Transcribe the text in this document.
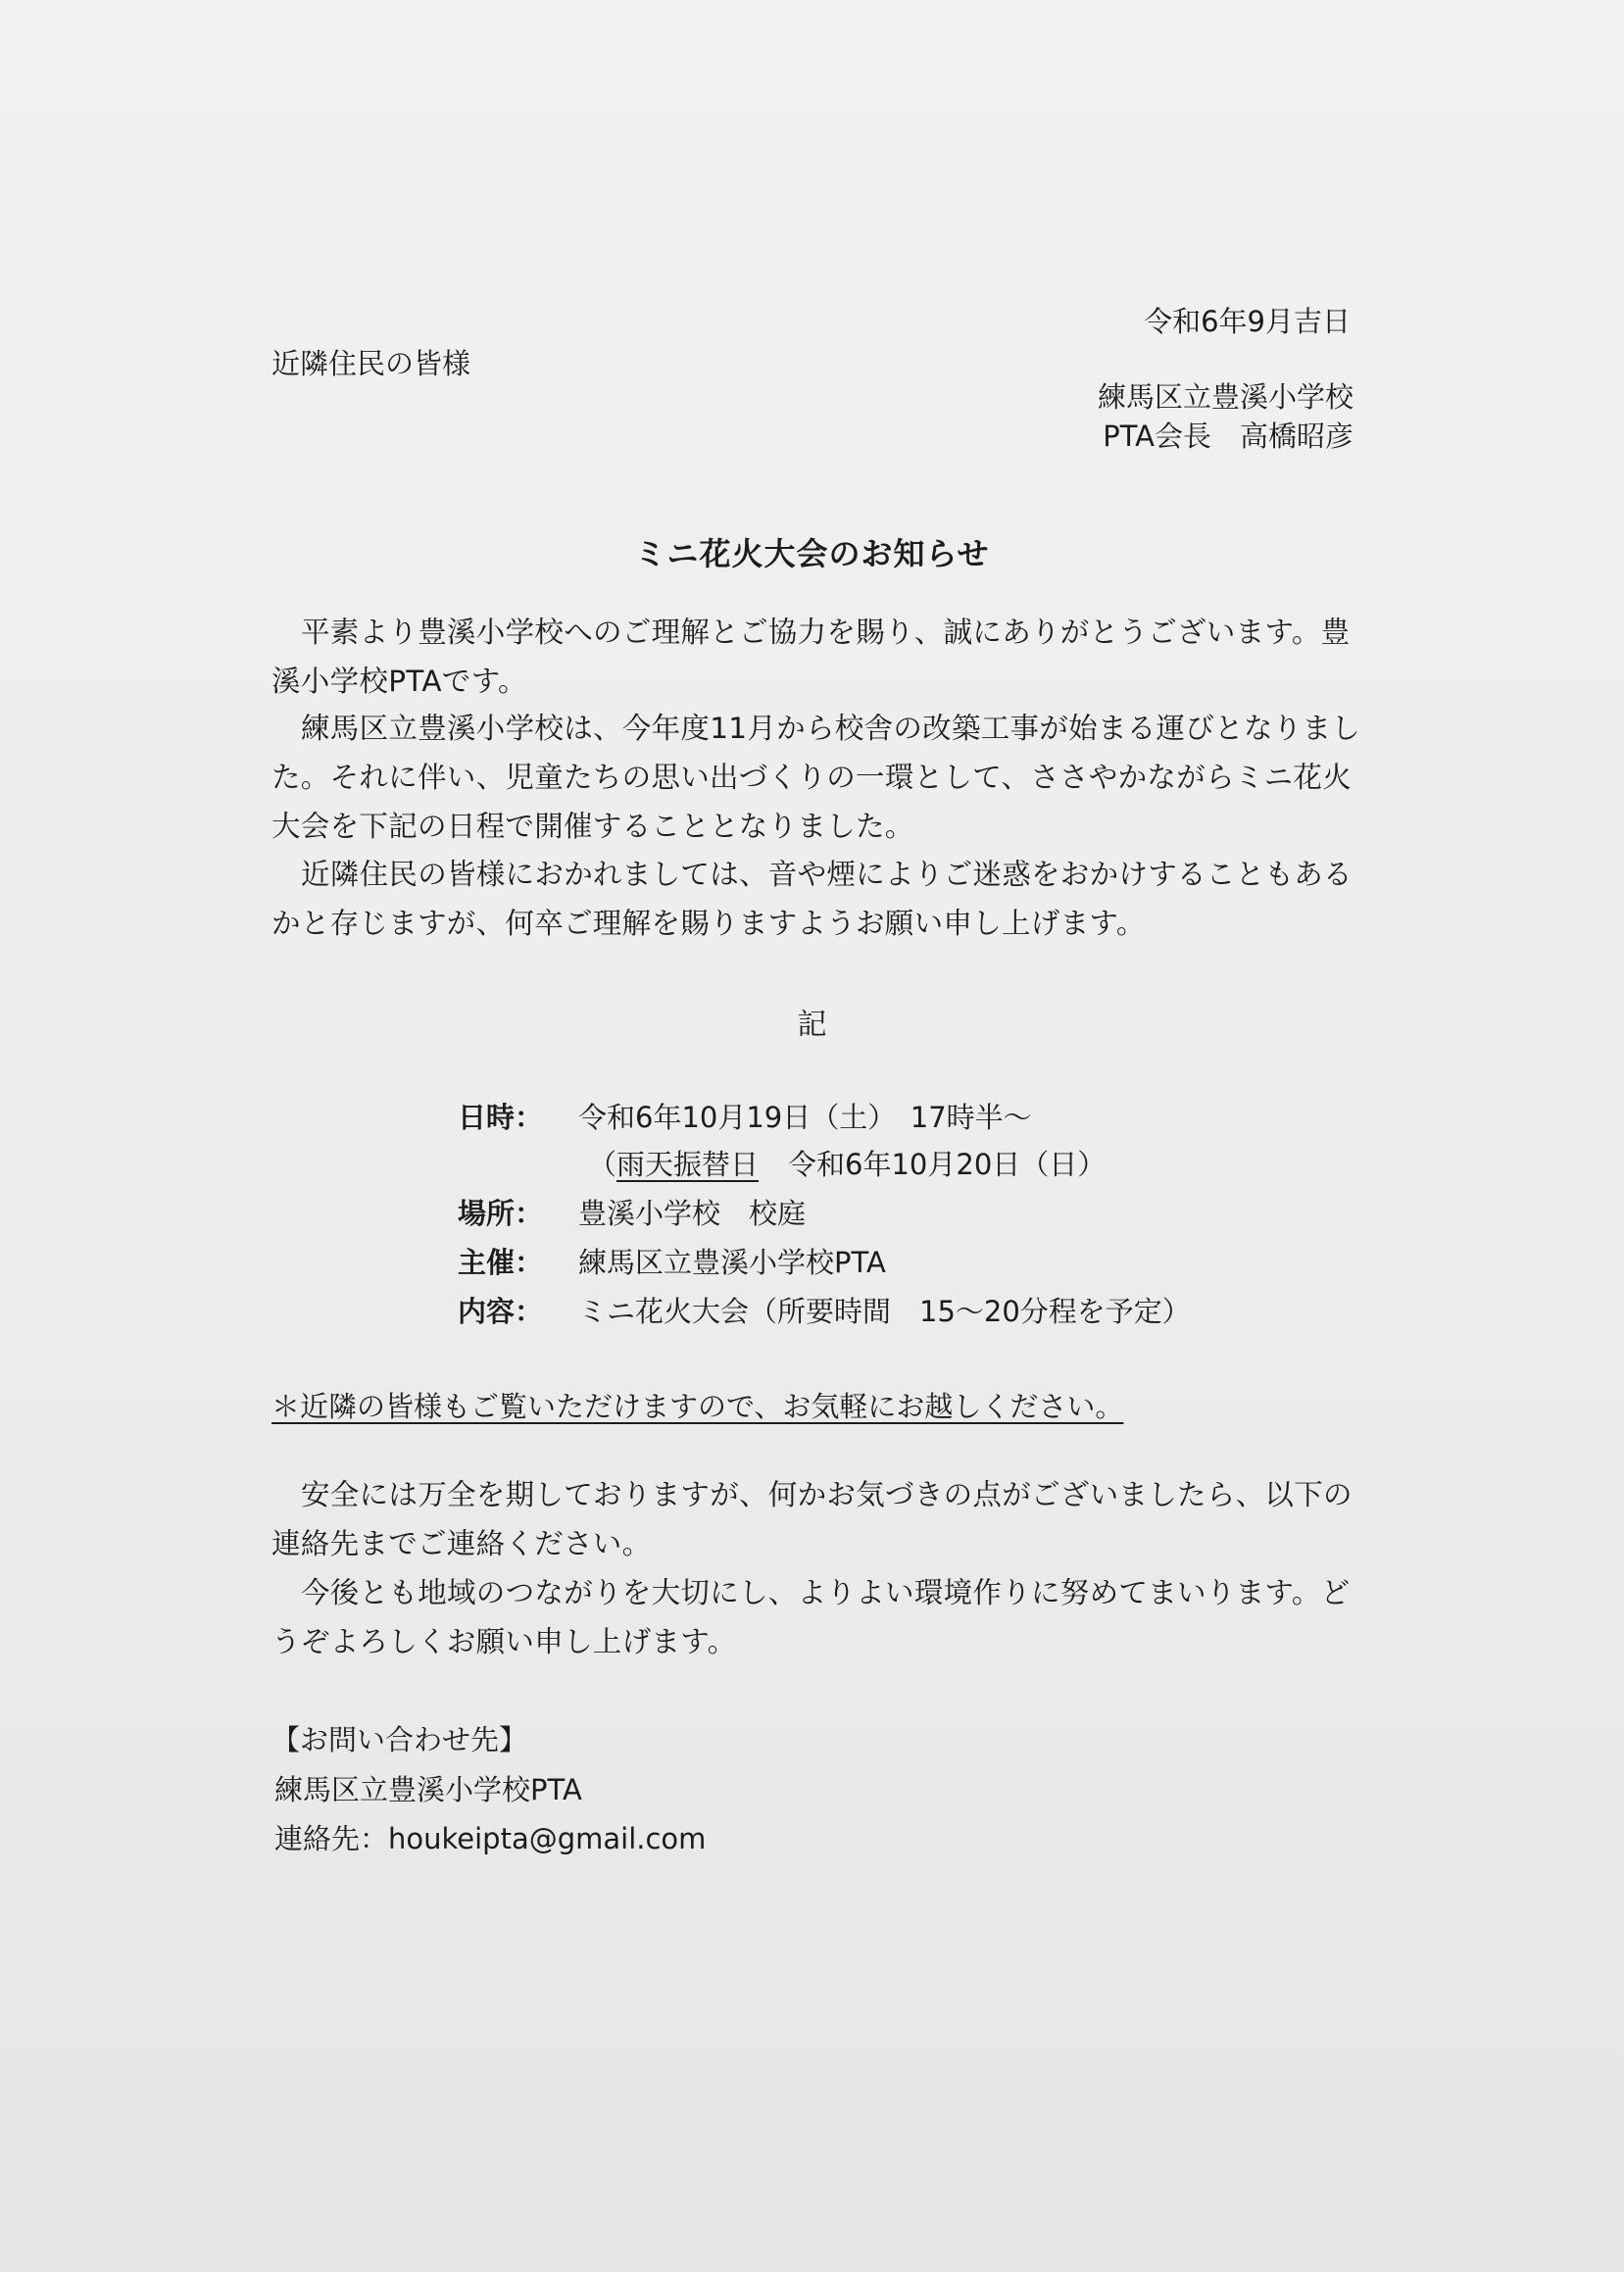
令和6年9月吉日
近隣住民の皆様
練馬区立豊溪小学校
PTA会長　高橋昭彦
ミニ花火大会のお知らせ
平素より豊溪小学校へのご理解とご協力を賜り、誠にありがとうございます。豊溪小学校PTAです。
練馬区立豊溪小学校は、今年度11月から校舎の改築工事が始まる運びとなりました。それに伴い、児童たちの思い出づくりの一環として、ささやかながらミニ花火大会を下記の日程で開催することとなりました。
近隣住民の皆様におかれましては、音や煙によりご迷惑をおかけすることもあるかと存じますが、何卒ご理解を賜りますようお願い申し上げます。
記
日時： 令和6年10月19日（土）　17時半～
（雨天振替日 令和6年10月20日（日）
場所： 豊溪小学校　校庭
主催： 練馬区立豊溪小学校PTA
内容： ミニ花火大会（所要時間　15～20分程を予定）
＊近隣の皆様もご覧いただけますので、お気軽にお越しください。
安全には万全を期しておりますが、何かお気づきの点がございましたら、以下の連絡先までご連絡ください。
今後とも地域のつながりを大切にし、よりよい環境作りに努めてまいります。どうぞよろしくお願い申し上げます。
【お問い合わせ先】
練馬区立豊溪小学校PTA
連絡先：houkeipta@gmail.com
